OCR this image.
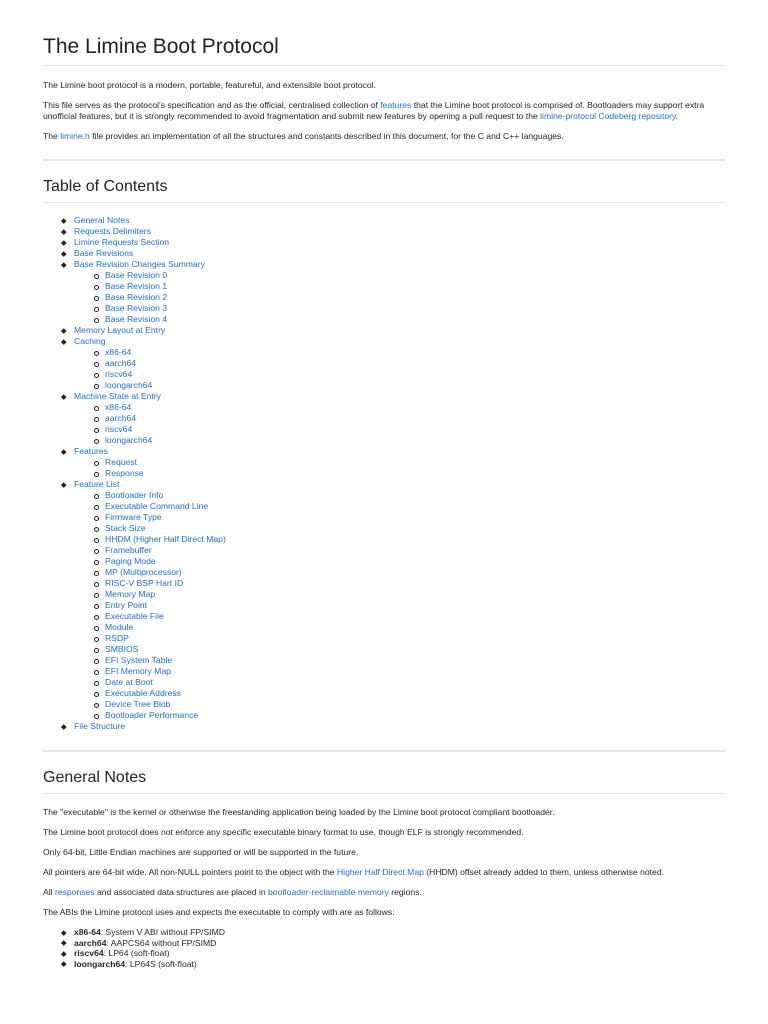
The Limine Boot Protocol

The Limine boot protocol is a modern, portable, featureful, and extensible boot protocol.

This file serves as the protocol's specification and as the official, centralised collection of features that the Limine boot protocol is comprised of. Bootloaders may support extra unofficial features, but it is strongly recommended to avoid fragmentation and submit new features by opening a pull request to the limine-protocol Codeberg repository.

The limine.h file provides an implementation of all the structures and constants described in this document, for the C and C++ languages.

Table of Contents
General Notes
Requests Delimiters
Limine Requests Section
Base Revisions
Base Revision Changes Summary
Base Revision 0
Base Revision 1
Base Revision 2
Base Revision 3
Base Revision 4
Memory Layout at Entry
Caching
x86-64
aarch64
riscv64
loongarch64
Machine State at Entry
x86-64
aarch64
riscv64
loongarch64
Features
Request
Response
Feature List
Bootloader Info
Executable Command Line
Firmware Type
Stack Size
HHDM (Higher Half Direct Map)
Framebuffer
Paging Mode
MP (Multiprocessor)
RISC-V BSP Hart ID
Memory Map
Entry Point
Executable File
Module
RSDP
SMBIOS
EFI System Table
EFI Memory Map
Date at Boot
Executable Address
Device Tree Blob
Bootloader Performance
File Structure
General Notes

The "executable" is the kernel or otherwise the freestanding application being loaded by the Limine boot protocol compliant bootloader.

The Limine boot protocol does not enforce any specific executable binary format to use, though ELF is strongly recommended.

Only 64-bit, Little Endian machines are supported or will be supported in the future.

All pointers are 64-bit wide. All non-NULL pointers point to the object with the Higher Half Direct Map (HHDM) offset already added to them, unless otherwise noted.

All responses and associated data structures are placed in bootloader-reclaimable memory regions.

The ABIs the Limine protocol uses and expects the executable to comply with are as follows:

x86-64: System V ABI without FP/SIMD
aarch64: AAPCS64 without FP/SIMD
riscv64: LP64 (soft-float)
loongarch64: LP64S (soft-float)
